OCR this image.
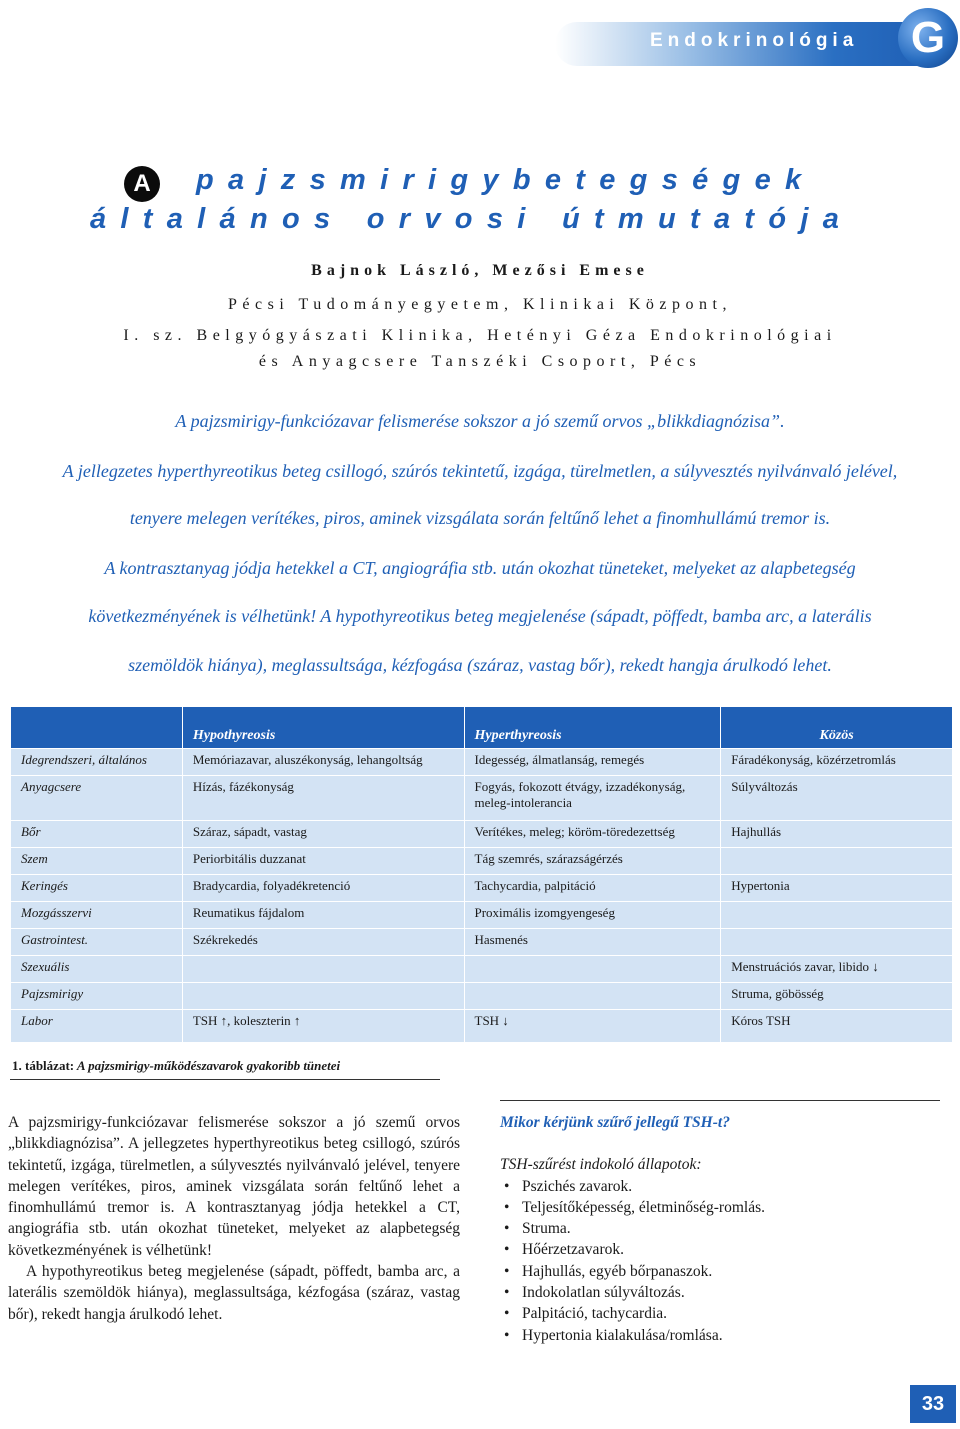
Endokrinológia G
A	pajzsmirigybetegségek
általános orvosi útmutatója
Bajnok László, Mezősi Emese
Pécsi Tudományegyetem, Klinikai Központ,
I. sz. Belgyógyászati Klinika, Hetényi Géza Endokrinológiai
és Anyagcsere Tanszéki Csoport, Pécs
A pajzsmirigy-funkciózavar felismerése sokszor a jó szemű orvos „blikkdiagnózisa”.
A jellegzetes hyperthyreotikus beteg csillogó, szúrós tekintetű, izgága, türelmetlen, a súlyvesztés nyilvánvaló jelével,
tenyere melegen verítékes, piros, aminek vizsgálata során feltűnő lehet a finomhullámú tremor is.
A kontrasztanyag jódja hetekkel a CT, angiográfia stb. után okozhat tüneteket, melyeket az alapbetegség
következményének is vélhetünk! A hypothyreotikus beteg megjelenése (sápadt, pöffedt, bamba arc, a laterális
szemöldök hiánya), meglassultsága, kézfogása (száraz, vastag bőr), rekedt hangja árulkodó lehet.
	Hypothyreosis	Hyperthyreosis	Közös
Idegrendszeri, általános	Memóriazavar, aluszékonyság, lehangoltság	Idegesség, álmatlanság, remegés	Fáradékonyság, közérzetromlás
Anyagcsere	Hízás, fázékonyság	Fogyás, fokozott étvágy, izzadékonyság, meleg-intolerancia	Súlyváltozás
Bőr	Száraz, sápadt, vastag	Verítékes, meleg; köröm-töredezettség	Hajhullás
Szem	Periorbitális duzzanat	Tág szemrés, szárazságérzés	
Keringés	Bradycardia, folyadékretenció	Tachycardia, palpitáció	Hypertonia
Mozgásszervi	Reumatikus fájdalom	Proximális izomgyengeség	
Gastrointest.	Székrekedés	Hasmenés	
Szexuális			Menstruációs zavar, libido ↓
Pajzsmirigy			Struma, göbösség
Labor	TSH ↑, koleszterin ↑	TSH ↓	Kóros TSH
1. táblázat: A pajzsmirigy-működészavarok gyakoribb tünetei

A pajzsmirigy-funkciózavar felismerése sokszor a jó szemű orvos „blikkdiagnózisa”. A jellegzetes hyperthyreotikus beteg csillogó, szúrós tekintetű, izgága, türelmetlen, a súlyvesztés nyilvánvaló jelével, tenyere melegen verítékes, piros, aminek vizsgálata során feltűnő lehet a finomhullámú tremor is. A kontrasztanyag jódja hetekkel a CT, angiográfia stb. után okozhat tüneteket, melyeket az alapbetegség következményének is vélhetünk!

A hypothyreotikus beteg megjelenése (sápadt, pöffedt, bamba arc, a laterális szemöldök hiánya), meglassultsága, kézfogása (száraz, vastag bőr), rekedt hangja árulkodó lehet.

Mikor kérjünk szűrő jellegű TSH-t?
TSH-szűrést indokoló állapotok:
• Pszichés zavarok.
• Teljesítőképesség, életminőség-romlás.
• Struma.
• Hőérzetzavarok.
• Hajhullás, egyéb bőrpanaszok.
• Indokolatlan súlyváltozás.
• Palpitáció, tachycardia.
• Hypertonia kialakulása/romlása.
33
